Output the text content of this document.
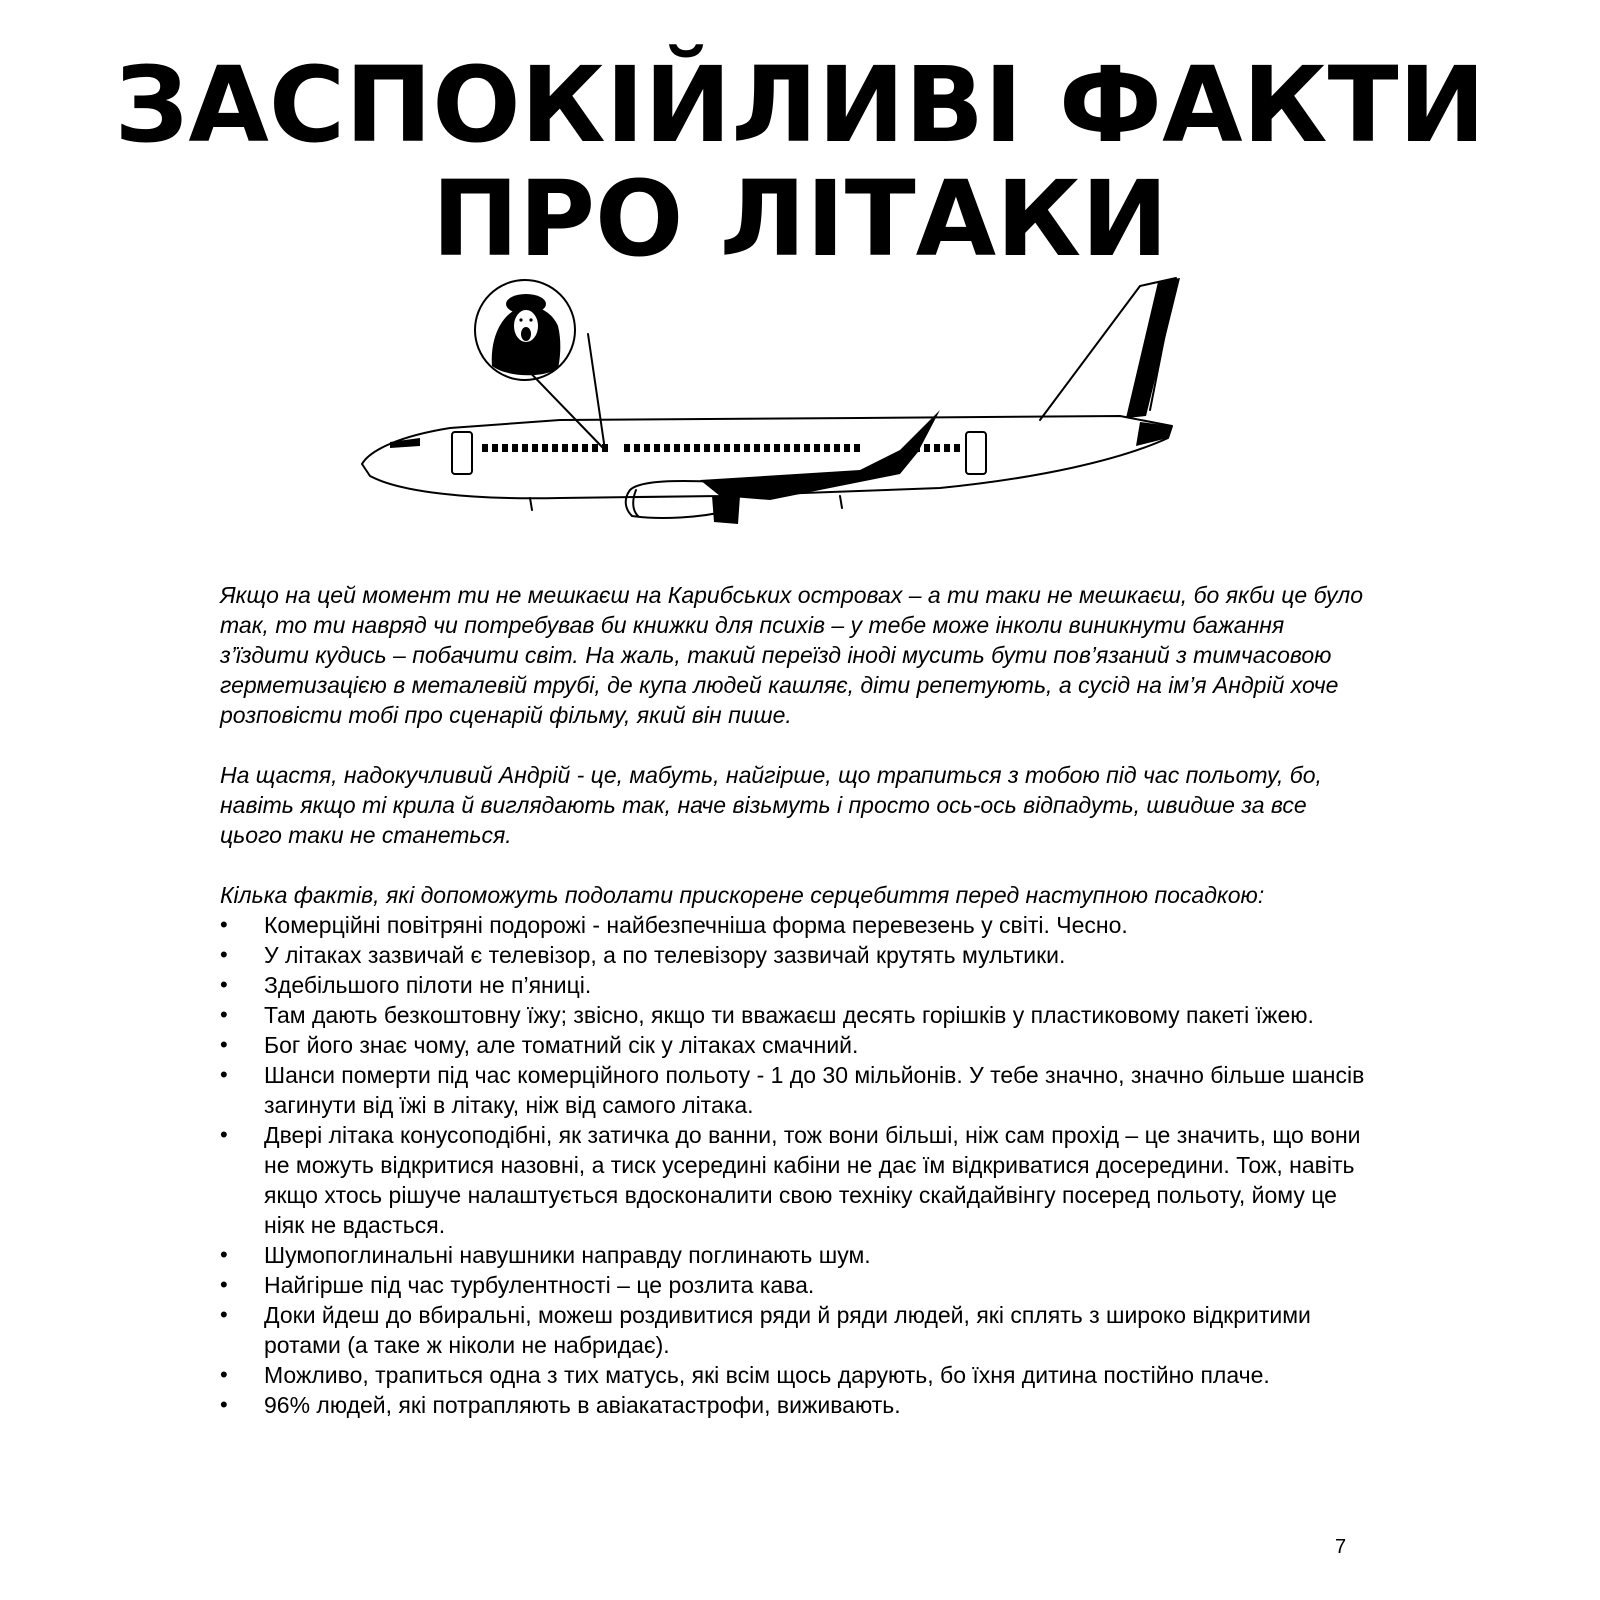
ЗАСПОКІЙЛИВІ ФАКТИ
ПРО ЛІТАКИ

Якщо на цей момент ти не мешкаєш на Карибських островах – а ти таки не мешкаєш, бо якби це було так, то ти навряд чи потребував би книжки для психів – у тебе може інколи виникнути бажання з’їздити кудись – побачити світ. На жаль, такий переїзд іноді мусить бути пов’язаний з тимчасовою герметизацією в металевій трубі, де купа людей кашляє, діти репетують, а сусід на ім’я Андрій хоче розповісти тобі про сценарій фільму, який він пише.

На щастя, надокучливий Андрій - це, мабуть, найгірше, що трапиться з тобою під час польоту, бо, навіть якщо ті крила й виглядають так, наче візьмуть і просто ось-ось відпадуть, швидше за все цього таки не станеться.

Кілька фактів, які допоможуть подолати прискорене серцебиття перед наступною посадкою:

• Комерційні повітряні подорожі - найбезпечніша форма перевезень у світі. Чесно.
• У літаках зазвичай є телевізор, а по телевізору зазвичай крутять мультики.
• Здебільшого пілоти не п’яниці.
• Там дають безкоштовну їжу; звісно, якщо ти вважаєш десять горішків у пластиковому пакеті їжею.
• Бог його знає чому, але томатний сік у літаках смачний.
• Шанси померти під час комерційного польоту - 1 до 30 мільйонів. У тебе значно, значно більше шансів загинути від їжі в літаку, ніж від самого літака.
• Двері літака конусоподібні, як затичка до ванни, тож вони більші, ніж сам прохід – це значить, що вони не можуть відкритися назовні, а тиск усередині кабіни не дає їм відкриватися досередини. Тож, навіть якщо хтось рішуче налаштується вдосконалити свою техніку скайдайвінгу посеред польоту, йому це ніяк не вдасться.
• Шумопоглинальні навушники направду поглинають шум.
• Найгірше під час турбулентності – це розлита кава.
• Доки йдеш до вбиральні, можеш роздивитися ряди й ряди людей, які сплять з широко відкритими ротами (а таке ж ніколи не набридає).
• Можливо, трапиться одна з тих матусь, які всім щось дарують, бо їхня дитина постійно плаче.
• 96% людей, які потрапляють в авіакатастрофи, виживають.
7
